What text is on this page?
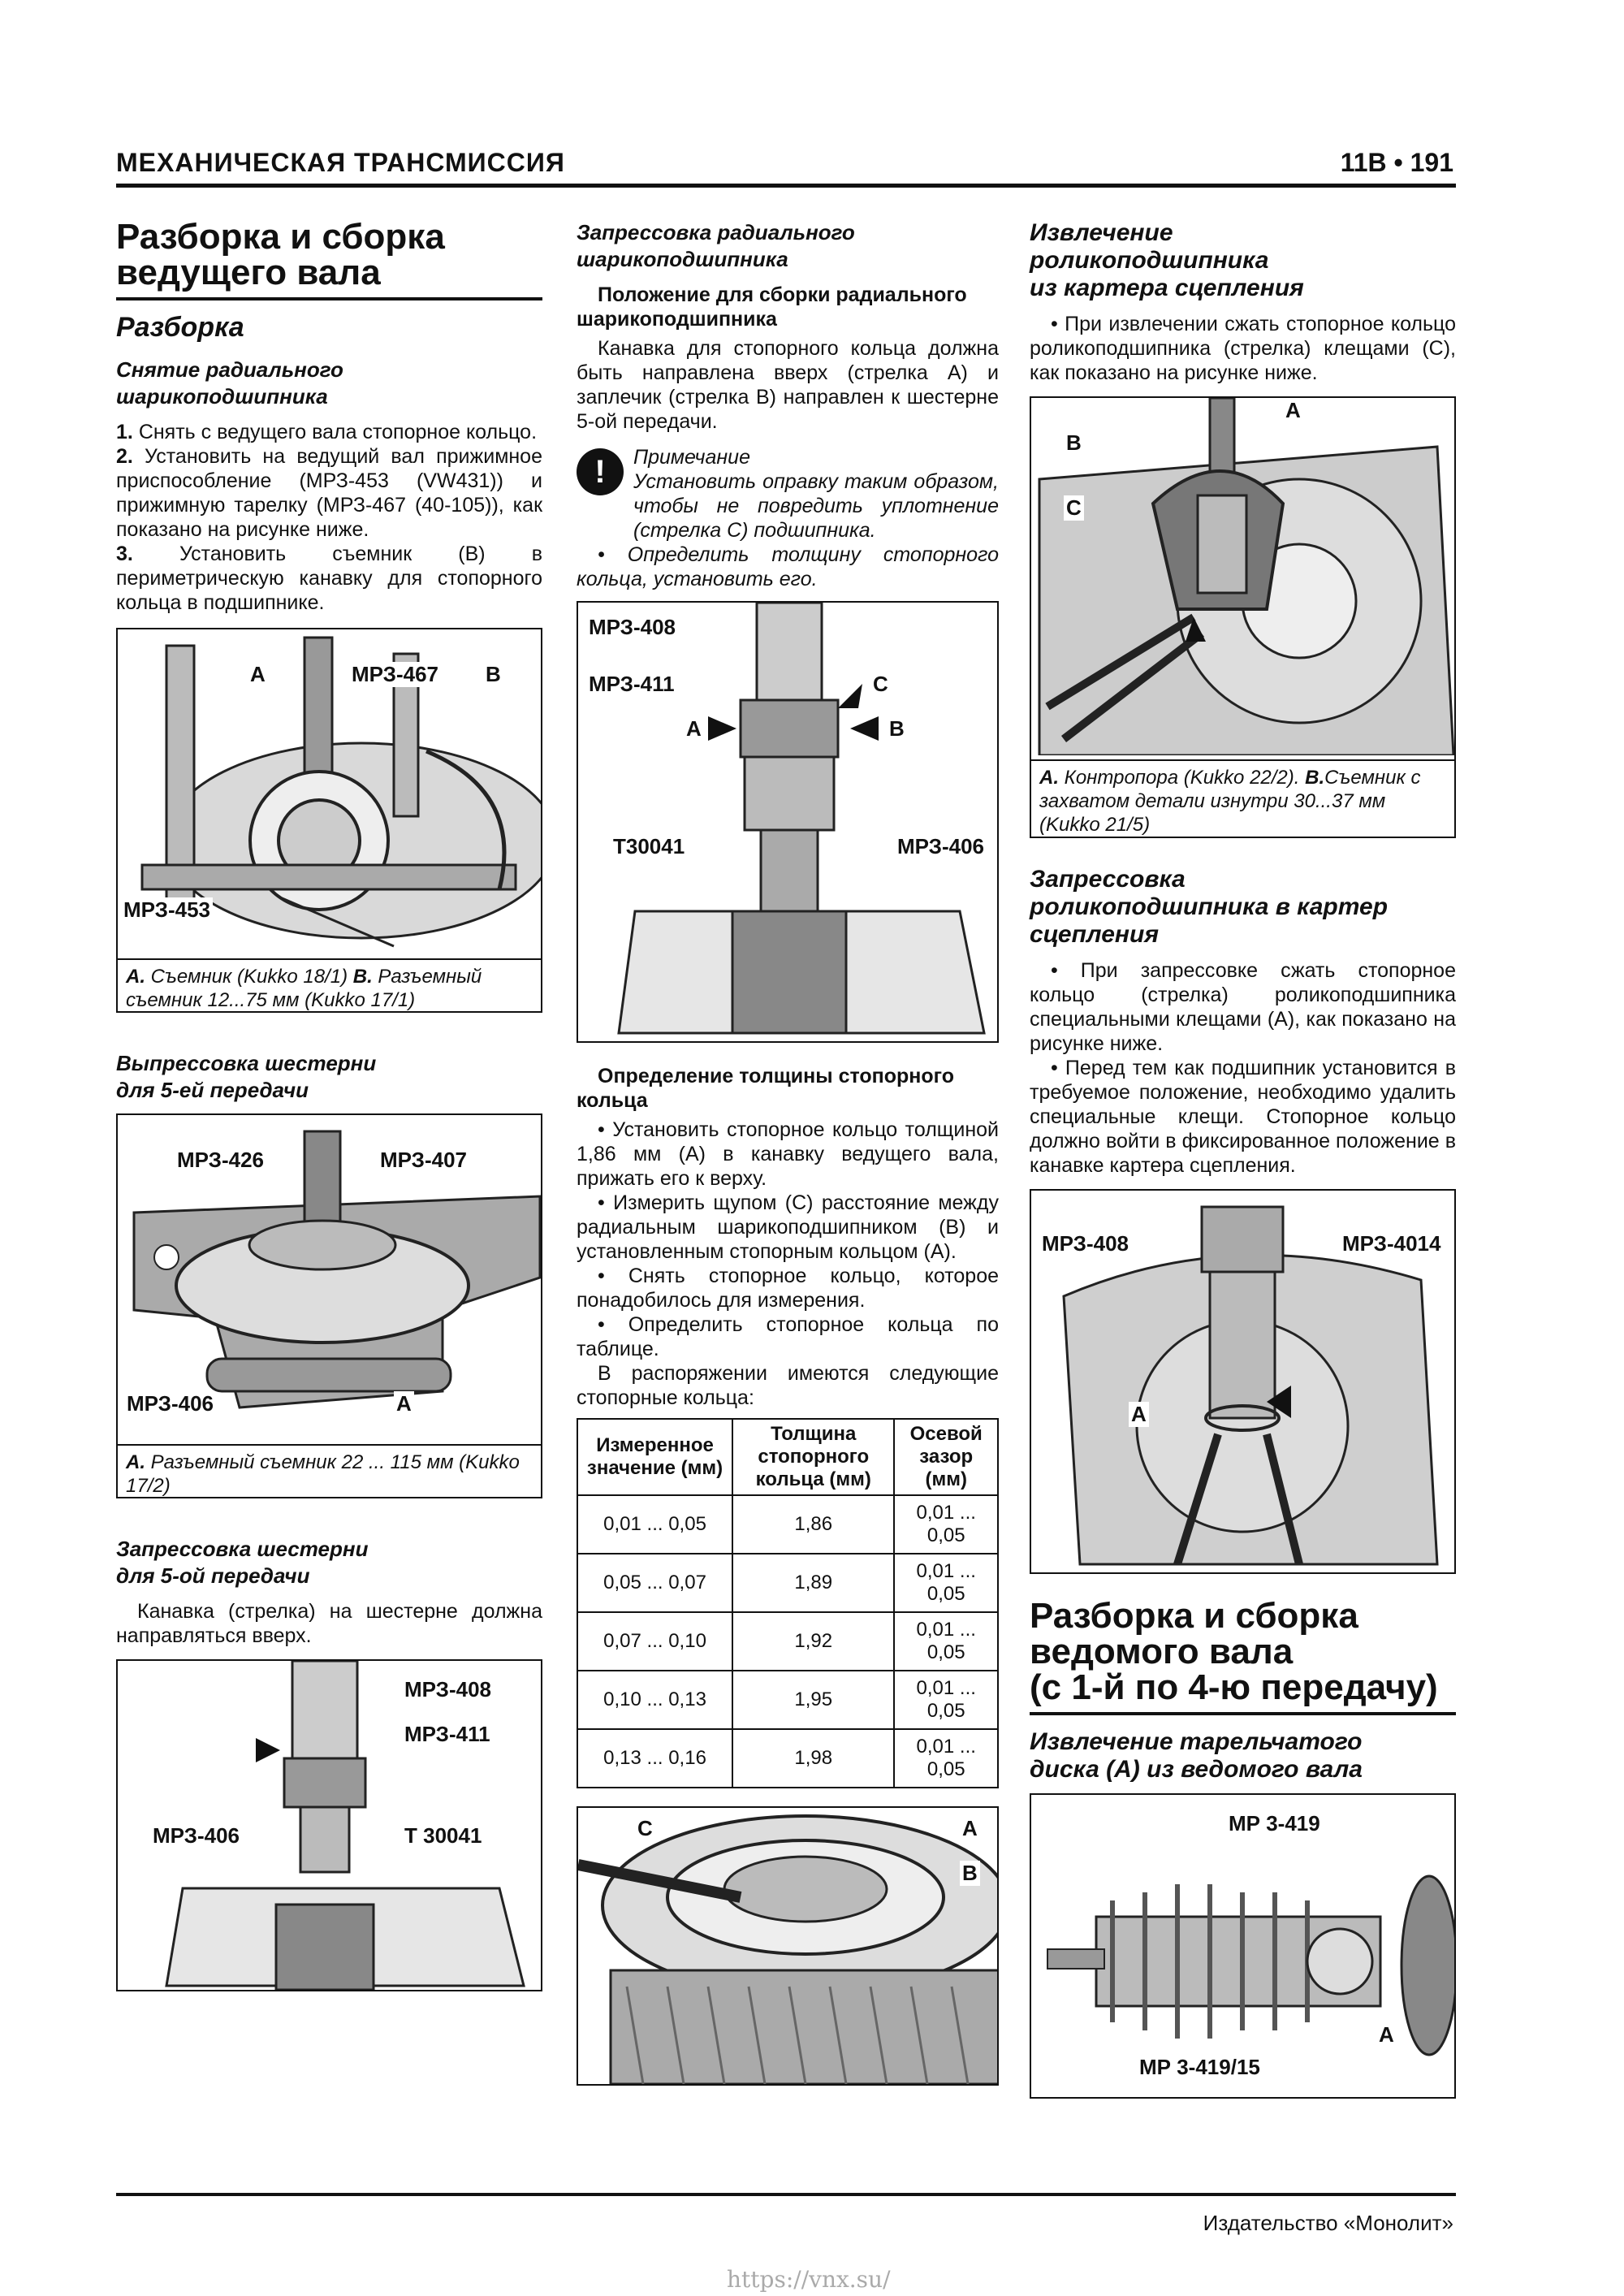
МЕХАНИЧЕСКАЯ ТРАНСМИССИЯ	11В • 191
Разборка и сборка
ведущего вала
Разборка
Снятие радиального
шарикоподшипника

1. Снять с ведущего вала стопорное кольцо.

2. Установить на ведущий вал прижимное приспособление (МРЗ-453 (VW431)) и прижимную тарелку (МРЗ-467 (40-105)), как показано на рисунке ниже.

3. Установить съемник (В) в периметрическую канавку для стопорного кольца в подшипнике.

A	МРЗ-467 B
МРЗ-453
А. Съемник (Kukko 18/1) В. Разъемный съемник 12...75 мм (Kukko 17/1)
Выпрессовка шестерни
для 5-ей передачи
МРЗ-426	МРЗ-407
МРЗ-406	A
А. Разъемный съемник 22 ... 115 мм (Kukko 17/2)
Запрессовка шестерни
для 5-ой передачи

Канавка (стрелка) на шестерне должна направляться вверх.

МРЗ-408
МРЗ-411
МРЗ-406	Т 30041
Запрессовка радиального
шарикоподшипника
Положение для сборки радиального шарикоподшипника

Канавка для стопорного кольца должна быть направлена вверх (стрелка А) и заплечик (стрелка В) направлен к шестерне 5-ой передачи.

!	Примечание

Установить оправку таким образом, чтобы не повредить уплотнение (стрелка С) подшипника.

• Определить толщину стопорного кольца, установить его.

МРЗ-408
МРЗ-411
A	B
C
Т30041	МРЗ-406
Определение толщины стопорного кольца

• Установить стопорное кольцо толщиной 1,86 мм (А) в канавку ведущего вала, прижать его к верху.

• Измерить щупом (С) расстояние между радиальным шарикоподшипником (В) и установленным стопорным кольцом (А).

• Снять стопорное кольцо, которое понадобилось для измерения.

• Определить стопорное кольца по таблице.

В распоряжении имеются следующие стопорные кольца:

Измеренное значение (мм)	Толщина стопорного кольца (мм)	Осевой зазор (мм)
0,01 ... 0,05	1,86	0,01 ... 0,05
0,05 ... 0,07	1,89	0,01 ... 0,05
0,07 ... 0,10	1,92	0,01 ... 0,05
0,10 ... 0,13	1,95	0,01 ... 0,05
0,13 ... 0,16	1,98	0,01 ... 0,05
C	A
B
Извлечение
роликоподшипника
из картера сцепления

• При извлечении сжать стопорное кольцо роликоподшипника (стрелка) клещами (С), как показано на рисунке ниже.

A
B
C
А. Контропора (Kukko 22/2). В.Съемник с захватом детали изнутри 30...37 мм (Kukko 21/5)
Запрессовка
роликоподшипника в картер
сцепления

• При запрессовке сжать стопорное кольцо (стрелка) роликоподшипника специальными клещами (А), как показано на рисунке ниже.

• Перед тем как подшипник установится в требуемое положение, необходимо удалить специальные клещи. Стопорное кольцо должно войти в фиксированное положение в канавке картера сцепления.

МРЗ-408	МРЗ-4014
A
Разборка и сборка
ведомого вала
(с 1-й по 4-ю передачу)
Извлечение тарельчатого
диска (А) из ведомого вала
МР 3-419
МР 3-419/15
A
Издательство «Монолит»
https://vnx.su/
